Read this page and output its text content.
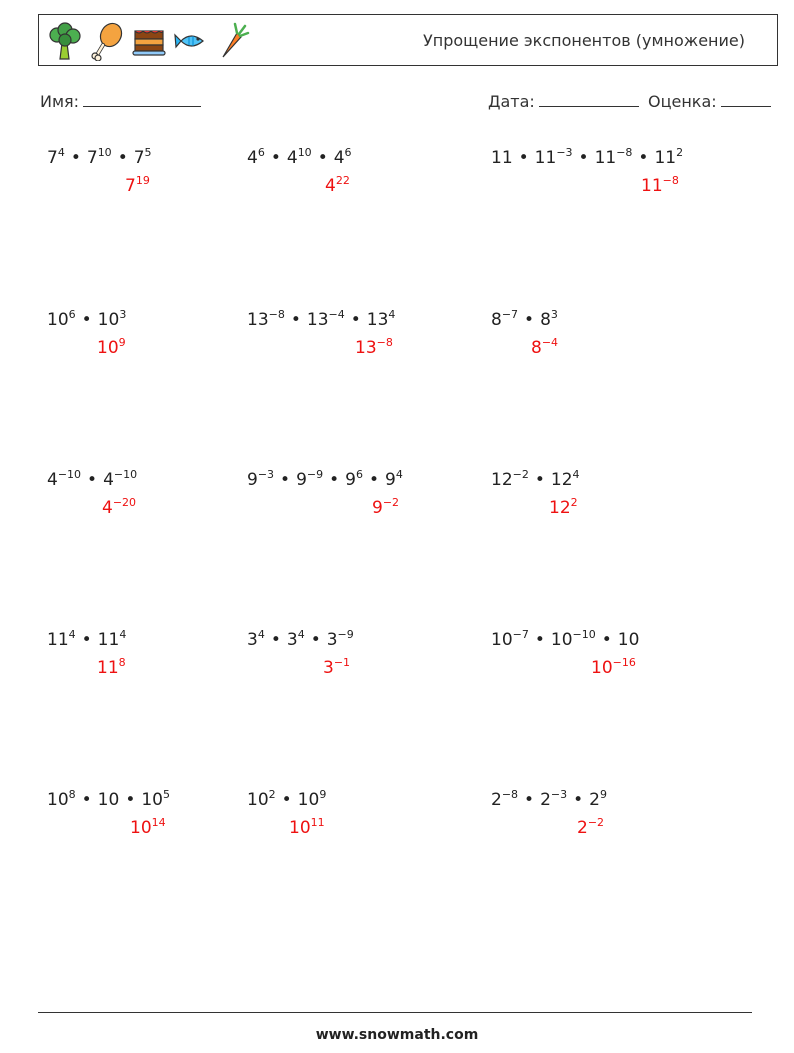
Упрощение экспонентов (умножение)
Имя:	Дата:	Оценка:
$7^4$ • $7^{10}$ • $7^5$
$7^{19}$
$4^6$ • $4^{10}$ • $4^6$
$4^{22}$
11 • $11^{-3}$ • $11^{-8}$ • $11^2$
$11^{-8}$
$10^6$ • $10^3$
$10^9$
$13^{-8}$ • $13^{-4}$ • $13^4$
$13^{-8}$
$8^{-7}$ • $8^3$
$8^{-4}$
$4^{-10}$ • $4^{-10}$
$4^{-20}$
$9^{-3}$ • $9^{-9}$ • $9^6$ • $9^4$
$9^{-2}$
$12^{-2}$ • $12^4$
$12^2$
$11^4$ • $11^4$
$11^8$
$3^4$ • $3^4$ • $3^{-9}$
$3^{-1}$
$10^{-7}$ • $10^{-10}$ • 10
$10^{-16}$
$10^8$ • 10 • $10^5$
$10^{14}$
$10^2$ • $10^9$
$10^{11}$
$2^{-8}$ • $2^{-3}$ • $2^9$
$2^{-2}$
www.snowmath.com
